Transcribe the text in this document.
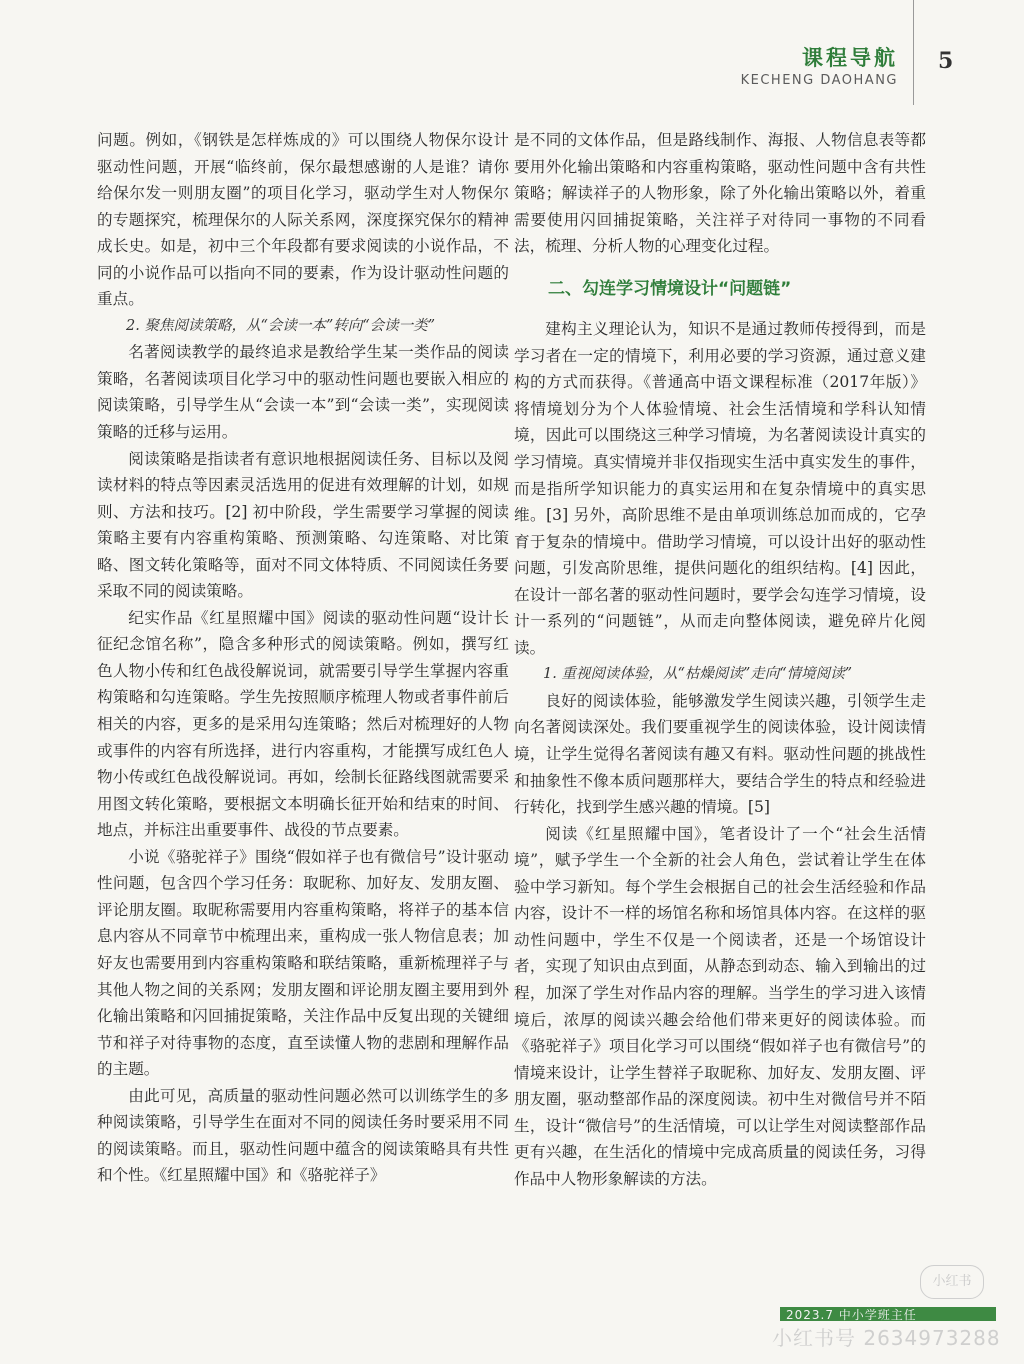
课程导航
KECHENG DAOHANG
5

问题。例如，《钢铁是怎样炼成的》可以围绕人物保尔设计驱动性问题，开展“临终前，保尔最想感谢的人是谁？请你给保尔发一则朋友圈”的项目化学习，驱动学生对人物保尔的专题探究，梳理保尔的人际关系网，深度探究保尔的精神成长史。如是，初中三个年段都有要求阅读的小说作品，不同的小说作品可以指向不同的要素，作为设计驱动性问题的重点。

2. 聚焦阅读策略，从“会读一本”转向“会读一类”

名著阅读教学的最终追求是教给学生某一类作品的阅读策略，名著阅读项目化学习中的驱动性问题也要嵌入相应的阅读策略，引导学生从“会读一本”到“会读一类”，实现阅读策略的迁移与运用。

阅读策略是指读者有意识地根据阅读任务、目标以及阅读材料的特点等因素灵活选用的促进有效理解的计划，如规则、方法和技巧。[2] 初中阶段，学生需要学习掌握的阅读策略主要有内容重构策略、预测策略、勾连策略、对比策略、图文转化策略等，面对不同文体特质、不同阅读任务要采取不同的阅读策略。

纪实作品《红星照耀中国》阅读的驱动性问题“设计长征纪念馆名称”，隐含多种形式的阅读策略。例如，撰写红色人物小传和红色战役解说词，就需要引导学生掌握内容重构策略和勾连策略。学生先按照顺序梳理人物或者事件前后相关的内容，更多的是采用勾连策略；然后对梳理好的人物或事件的内容有所选择，进行内容重构，才能撰写成红色人物小传或红色战役解说词。再如，绘制长征路线图就需要采用图文转化策略，要根据文本明确长征开始和结束的时间、地点，并标注出重要事件、战役的节点要素。

小说《骆驼祥子》围绕“假如祥子也有微信号”设计驱动性问题，包含四个学习任务：取昵称、加好友、发朋友圈、评论朋友圈。取昵称需要用内容重构策略，将祥子的基本信息内容从不同章节中梳理出来，重构成一张人物信息表；加好友也需要用到内容重构策略和联结策略，重新梳理祥子与其他人物之间的关系网；发朋友圈和评论朋友圈主要用到外化输出策略和闪回捕捉策略，关注作品中反复出现的关键细节和祥子对待事物的态度，直至读懂人物的悲剧和理解作品的主题。

由此可见，高质量的驱动性问题必然可以训练学生的多种阅读策略，引导学生在面对不同的阅读任务时要采用不同的阅读策略。而且，驱动性问题中蕴含的阅读策略具有共性和个性。《红星照耀中国》和《骆驼祥子》

是不同的文体作品，但是路线制作、海报、人物信息表等都要用外化输出策略和内容重构策略，驱动性问题中含有共性策略；解读祥子的人物形象，除了外化输出策略以外，着重需要使用闪回捕捉策略，关注祥子对待同一事物的不同看法，梳理、分析人物的心理变化过程。

二、勾连学习情境设计“问题链”

建构主义理论认为，知识不是通过教师传授得到，而是学习者在一定的情境下，利用必要的学习资源，通过意义建构的方式而获得。《普通高中语文课程标准（2017年版）》将情境划分为个人体验情境、社会生活情境和学科认知情境，因此可以围绕这三种学习情境，为名著阅读设计真实的学习情境。真实情境并非仅指现实生活中真实发生的事件，而是指所学知识能力的真实运用和在复杂情境中的真实思维。[3] 另外，高阶思维不是由单项训练总加而成的，它孕育于复杂的情境中。借助学习情境，可以设计出好的驱动性问题，引发高阶思维，提供问题化的组织结构。[4] 因此，在设计一部名著的驱动性问题时，要学会勾连学习情境，设计一系列的“问题链”，从而走向整体阅读，避免碎片化阅读。

1. 重视阅读体验，从“枯燥阅读”走向“情境阅读”

良好的阅读体验，能够激发学生阅读兴趣，引领学生走向名著阅读深处。我们要重视学生的阅读体验，设计阅读情境，让学生觉得名著阅读有趣又有料。驱动性问题的挑战性和抽象性不像本质问题那样大，要结合学生的特点和经验进行转化，找到学生感兴趣的情境。[5]

阅读《红星照耀中国》，笔者设计了一个“社会生活情境”，赋予学生一个全新的社会人角色，尝试着让学生在体验中学习新知。每个学生会根据自己的社会生活经验和作品内容，设计不一样的场馆名称和场馆具体内容。在这样的驱动性问题中，学生不仅是一个阅读者，还是一个场馆设计者，实现了知识由点到面，从静态到动态、输入到输出的过程，加深了学生对作品内容的理解。当学生的学习进入该情境后，浓厚的阅读兴趣会给他们带来更好的阅读体验。而《骆驼祥子》项目化学习可以围绕“假如祥子也有微信号”的情境来设计，让学生替祥子取昵称、加好友、发朋友圈、评朋友圈，驱动整部作品的深度阅读。初中生对微信号并不陌生，设计“微信号”的生活情境，可以让学生对阅读整部作品更有兴趣，在生活化的情境中完成高质量的阅读任务，习得作品中人物形象解读的方法。

小红书
2023.7 中小学班主任
小红书号 2634973288
